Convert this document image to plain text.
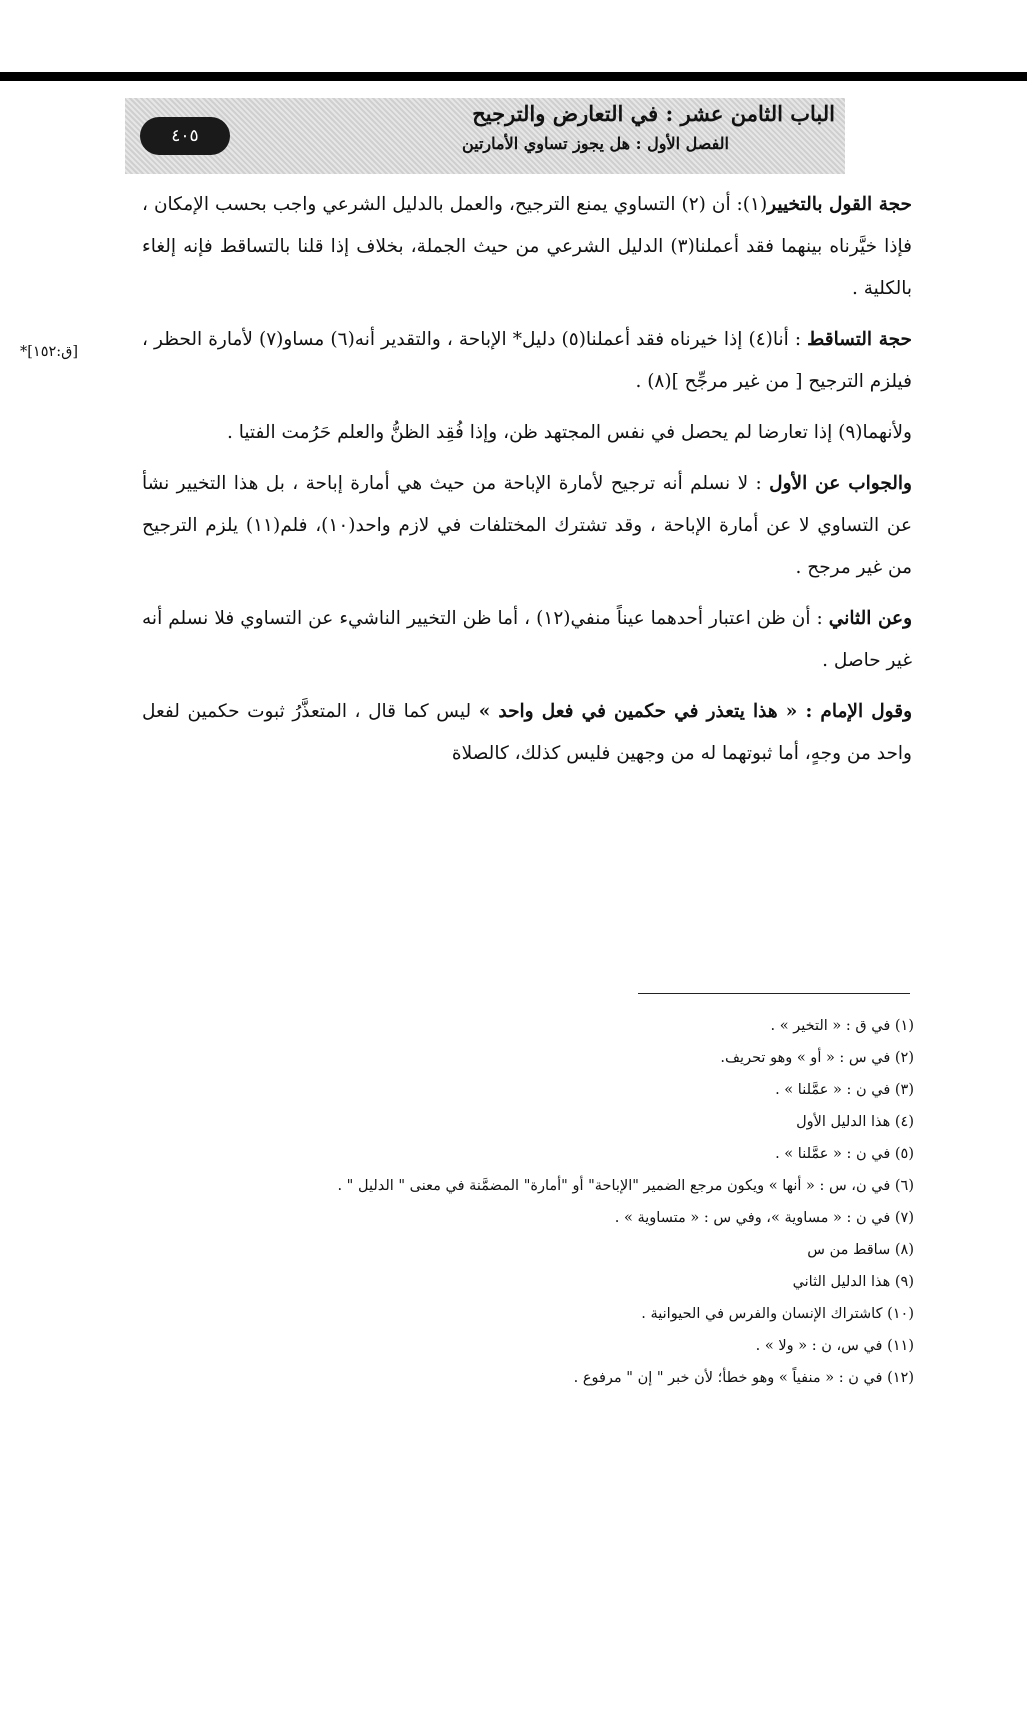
٤٠٥
الباب الثامن عشر : في التعارض والترجيح
الفصل الأول : هل يجوز تساوي الأمارتين
[ق:١٥٢]*

حجة القول بالتخيير(١): أن (٢) التساوي يمنع الترجيح، والعمل بالدليل الشرعي واجب بحسب الإمكان ، فإذا خيَّرناه بينهما فقد أعملنا(٣) الدليل الشرعي من حيث الجملة، بخلاف إذا قلنا بالتساقط فإنه إلغاء بالكلية .

حجة التساقط : أنا(٤) إذا خيرناه فقد أعملنا(٥) دليل* الإباحة ، والتقدير أنه(٦) مساو(٧) لأمارة الحظر ، فيلزم الترجيح [ من غير مرجِّح ](٨) .

ولأنهما(٩) إذا تعارضا لم يحصل في نفس المجتهد ظن، وإذا فُقِد الظنُّ والعلم حَرُمت الفتيا .

والجواب عن الأول : لا نسلم أنه ترجيح لأمارة الإباحة من حيث هي أمارة إباحة ، بل هذا التخيير نشأ عن التساوي لا عن أمارة الإباحة ، وقد تشترك المختلفات في لازم واحد(١٠)، فلم(١١) يلزم الترجيح من غير مرجح .

وعن الثاني : أن ظن اعتبار أحدهما عيناً منفي(١٢) ، أما ظن التخيير الناشيء عن التساوي فلا نسلم أنه غير حاصل .

وقول الإمام : « هذا يتعذر في حكمين في فعل واحد » ليس كما قال ، المتعذَّرُ ثبوت حكمين لفعل واحد من وجهٍ، أما ثبوتهما له من وجهين فليس كذلك، كالصلاة

(١) في ق : « التخير » .
(٢) في س : « أو » وهو تحريف.
(٣) في ن : « عمَّلنا » .
(٤) هذا الدليل الأول
(٥) في ن : « عمَّلنا » .
(٦) في ن، س : « أنها » ويكون مرجع الضمير "الإباحة" أو "أمارة" المضمَّنة في معنى " الدليل " .
(٧) في ن : « مساوية »، وفي س : « متساوية » .
(٨) ساقط من س
(٩) هذا الدليل الثاني
(١٠) كاشتراك الإنسان والفرس في الحيوانية .
(١١) في س، ن : « ولا » .
(١٢) في ن : « منفياً » وهو خطأ؛ لأن خبر " إن " مرفوع .
